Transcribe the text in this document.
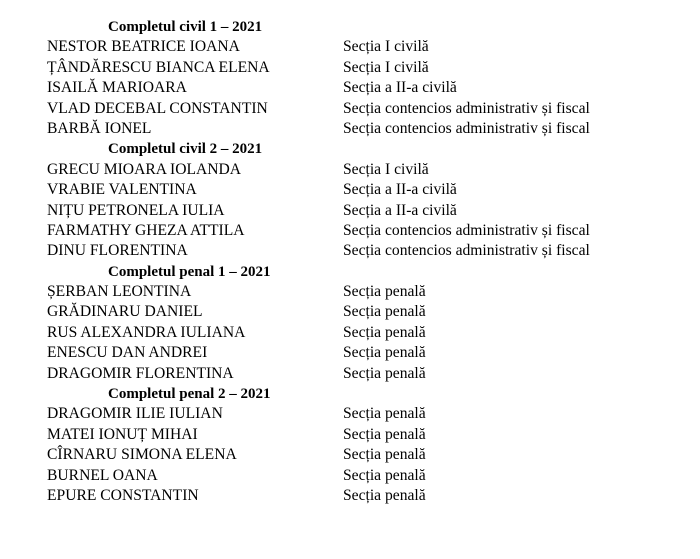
Completul civil 1 – 2021
NESTOR BEATRICE IOANA	Secția I civilă
ȚÂNDĂRESCU BIANCA ELENA	Secția I civilă
ISAILĂ MARIOARA	Secția a II-a civilă
VLAD DECEBAL CONSTANTIN	Secția contencios administrativ și fiscal
BARBĂ IONEL	Secția contencios administrativ și fiscal
Completul civil 2 – 2021
GRECU MIOARA IOLANDA	Secția I civilă
VRABIE VALENTINA	Secția a II-a civilă
NIȚU PETRONELA IULIA	Secția a II-a civilă
FARMATHY GHEZA ATTILA	Secția contencios administrativ și fiscal
DINU FLORENTINA	Secția contencios administrativ și fiscal
Completul penal 1 – 2021
ȘERBAN LEONTINA	Secția penală
GRĂDINARU DANIEL	Secția penală
RUS ALEXANDRA IULIANA	Secția penală
ENESCU DAN ANDREI	Secția penală
DRAGOMIR FLORENTINA	Secția penală
Completul penal 2 – 2021
DRAGOMIR ILIE IULIAN	Secția penală
MATEI IONUȚ MIHAI	Secția penală
CÎRNARU SIMONA ELENA	Secția penală
BURNEL OANA	Secția penală
EPURE CONSTANTIN	Secția penală
